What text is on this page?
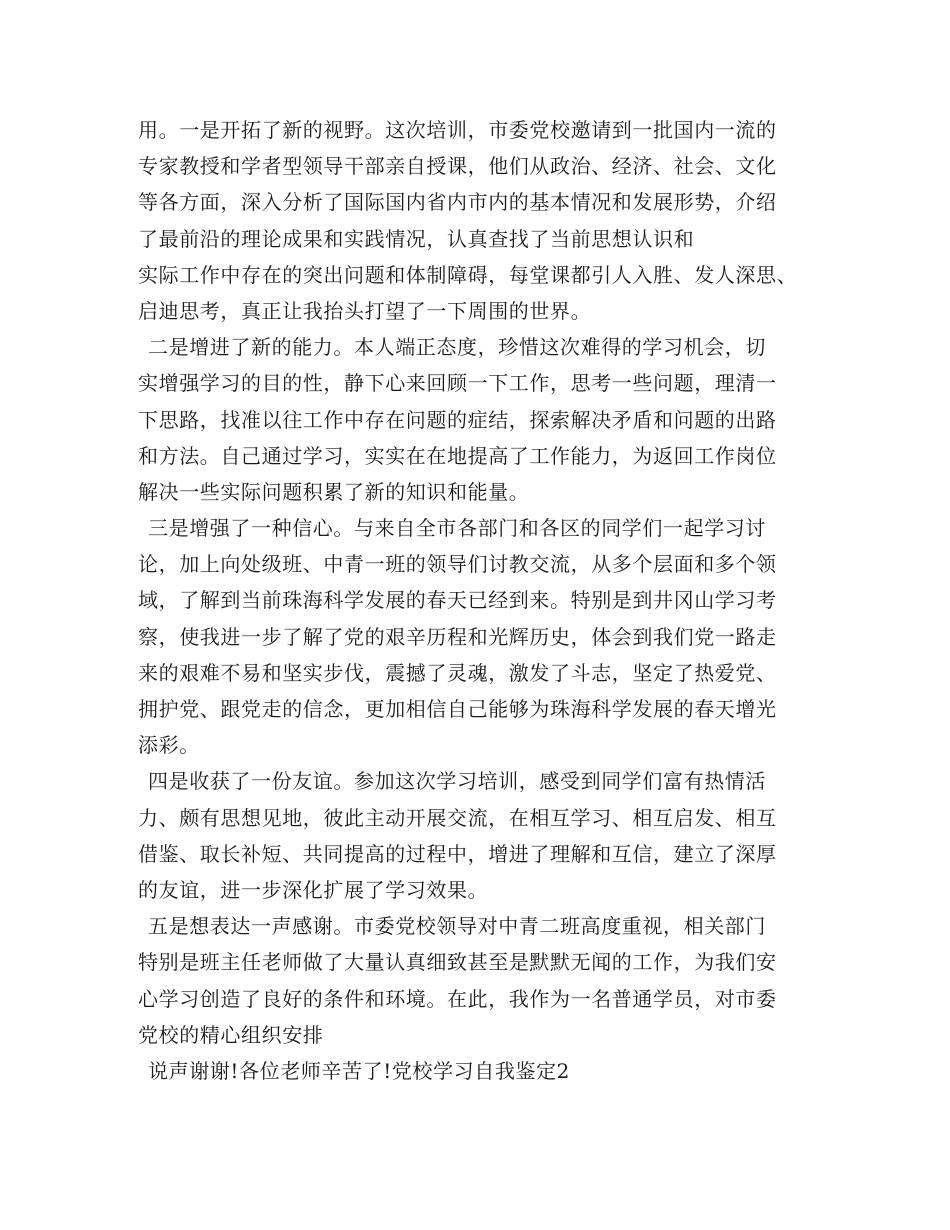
用。一是开拓了新的视野。这次培训，市委党校邀请到一批国内一流的
专家教授和学者型领导干部亲自授课，他们从政治、经济、社会、文化
等各方面，深入分析了国际国内省内市内的基本情况和发展形势，介绍
了最前沿的理论成果和实践情况，认真查找了当前思想认识和
实际工作中存在的突出问题和体制障碍，每堂课都引人入胜、发人深思、
启迪思考，真正让我抬头打望了一下周围的世界。
二是增进了新的能力。本人端正态度，珍惜这次难得的学习机会，切
实增强学习的目的性，静下心来回顾一下工作，思考一些问题，理清一
下思路，找准以往工作中存在问题的症结，探索解决矛盾和问题的出路
和方法。自己通过学习，实实在在地提高了工作能力，为返回工作岗位
解决一些实际问题积累了新的知识和能量。
三是增强了一种信心。与来自全市各部门和各区的同学们一起学习讨
论，加上向处级班、中青一班的领导们讨教交流，从多个层面和多个领
域，了解到当前珠海科学发展的春天已经到来。特别是到井冈山学习考
察，使我进一步了解了党的艰辛历程和光辉历史，体会到我们党一路走
来的艰难不易和坚实步伐，震撼了灵魂，激发了斗志，坚定了热爱党、
拥护党、跟党走的信念，更加相信自己能够为珠海科学发展的春天增光
添彩。
四是收获了一份友谊。参加这次学习培训，感受到同学们富有热情活
力、颇有思想见地，彼此主动开展交流，在相互学习、相互启发、相互
借鉴、取长补短、共同提高的过程中，增进了理解和互信，建立了深厚
的友谊，进一步深化扩展了学习效果。
五是想表达一声感谢。市委党校领导对中青二班高度重视，相关部门
特别是班主任老师做了大量认真细致甚至是默默无闻的工作，为我们安
心学习创造了良好的条件和环境。在此，我作为一名普通学员，对市委
党校的精心组织安排
说声谢谢!各位老师辛苦了!党校学习自我鉴定2
